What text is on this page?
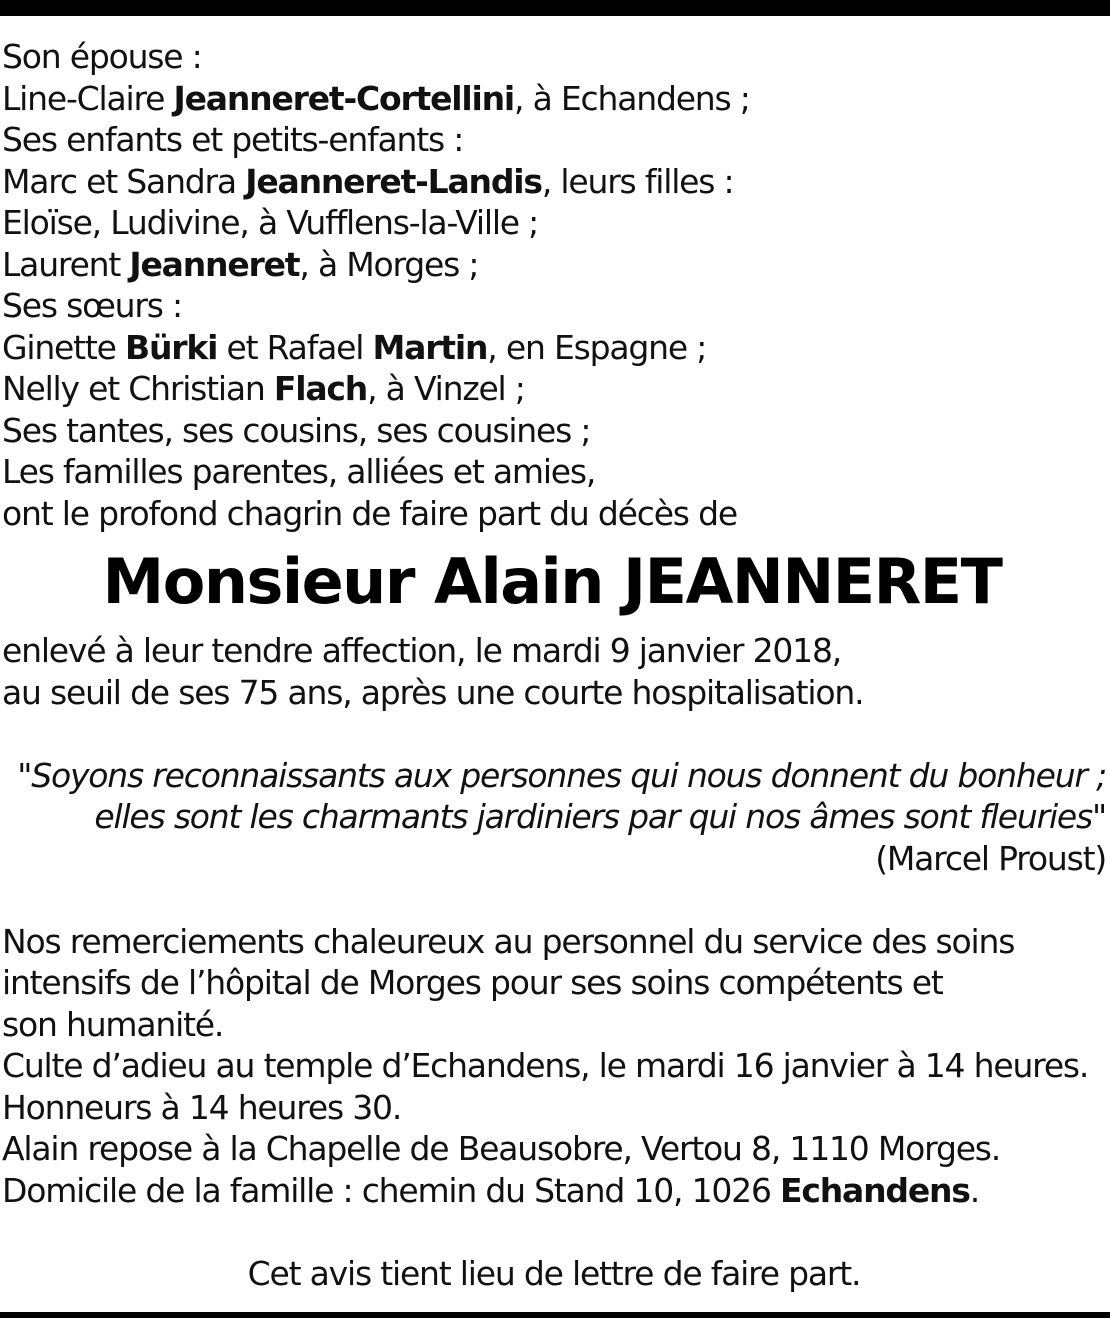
Son épouse :
Line-Claire Jeanneret-Cortellini, à Echandens ;
Ses enfants et petits-enfants :
Marc et Sandra Jeanneret-Landis, leurs filles :
Eloïse, Ludivine, à Vufflens-la-Ville ;
Laurent Jeanneret, à Morges ;
Ses sœurs :
Ginette Bürki et Rafael Martin, en Espagne ;
Nelly et Christian Flach, à Vinzel ;
Ses tantes, ses cousins, ses cousines ;
Les familles parentes, alliées et amies,
ont le profond chagrin de faire part du décès de
Monsieur Alain JEANNERET
enlevé à leur tendre affection, le mardi 9 janvier 2018,
au seuil de ses 75 ans, après une courte hospitalisation.
"Soyons reconnaissants aux personnes qui nous donnent du bonheur ;
elles sont les charmants jardiniers par qui nos âmes sont fleuries"
(Marcel Proust)
Nos remerciements chaleureux au personnel du service des soins
intensifs de l’hôpital de Morges pour ses soins compétents et
son humanité.
Culte d’adieu au temple d’Echandens, le mardi 16 janvier à 14 heures.
Honneurs à 14 heures 30.
Alain repose à la Chapelle de Beausobre, Vertou 8, 1110 Morges.
Domicile de la famille : chemin du Stand 10, 1026 Echandens.
Cet avis tient lieu de lettre de faire part.
